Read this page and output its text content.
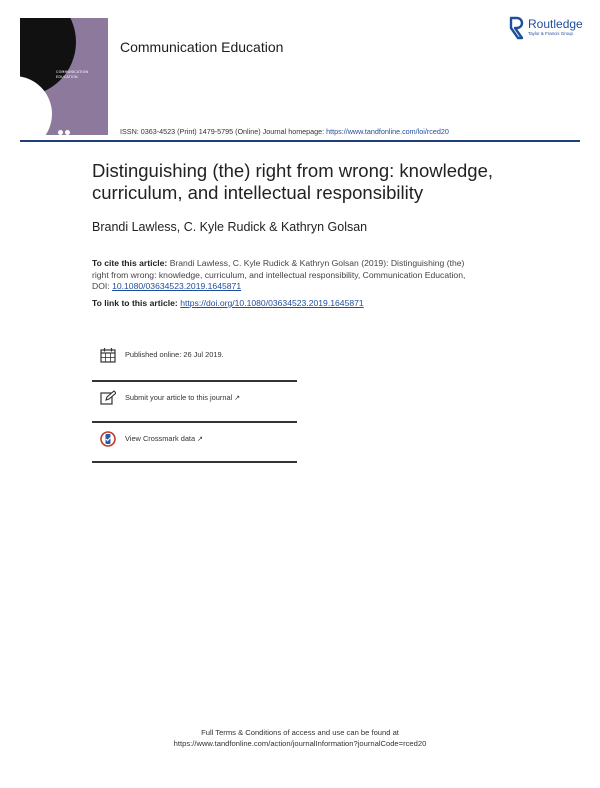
COMMUNICATION
EDUCATION
Communication Education
Routledge
Taylor & Francis Group
ISSN: 0363-4523 (Print) 1479-5795 (Online) Journal homepage: https://www.tandfonline.com/loi/rced20
Distinguishing (the) right from wrong: knowledge,
curriculum, and intellectual responsibility
Brandi Lawless, C. Kyle Rudick & Kathryn Golsan
To cite this article: Brandi Lawless, C. Kyle Rudick & Kathryn Golsan (2019): Distinguishing (the)
right from wrong: knowledge, curriculum, and intellectual responsibility, Communication Education,
DOI: 10.1080/03634523.2019.1645871
To link to this article: https://doi.org/10.1080/03634523.2019.1645871
Published online: 26 Jul 2019.
Submit your article to this journal ↗
View Crossmark data ↗
Full Terms & Conditions of access and use can be found at
https://www.tandfonline.com/action/journalInformation?journalCode=rced20
